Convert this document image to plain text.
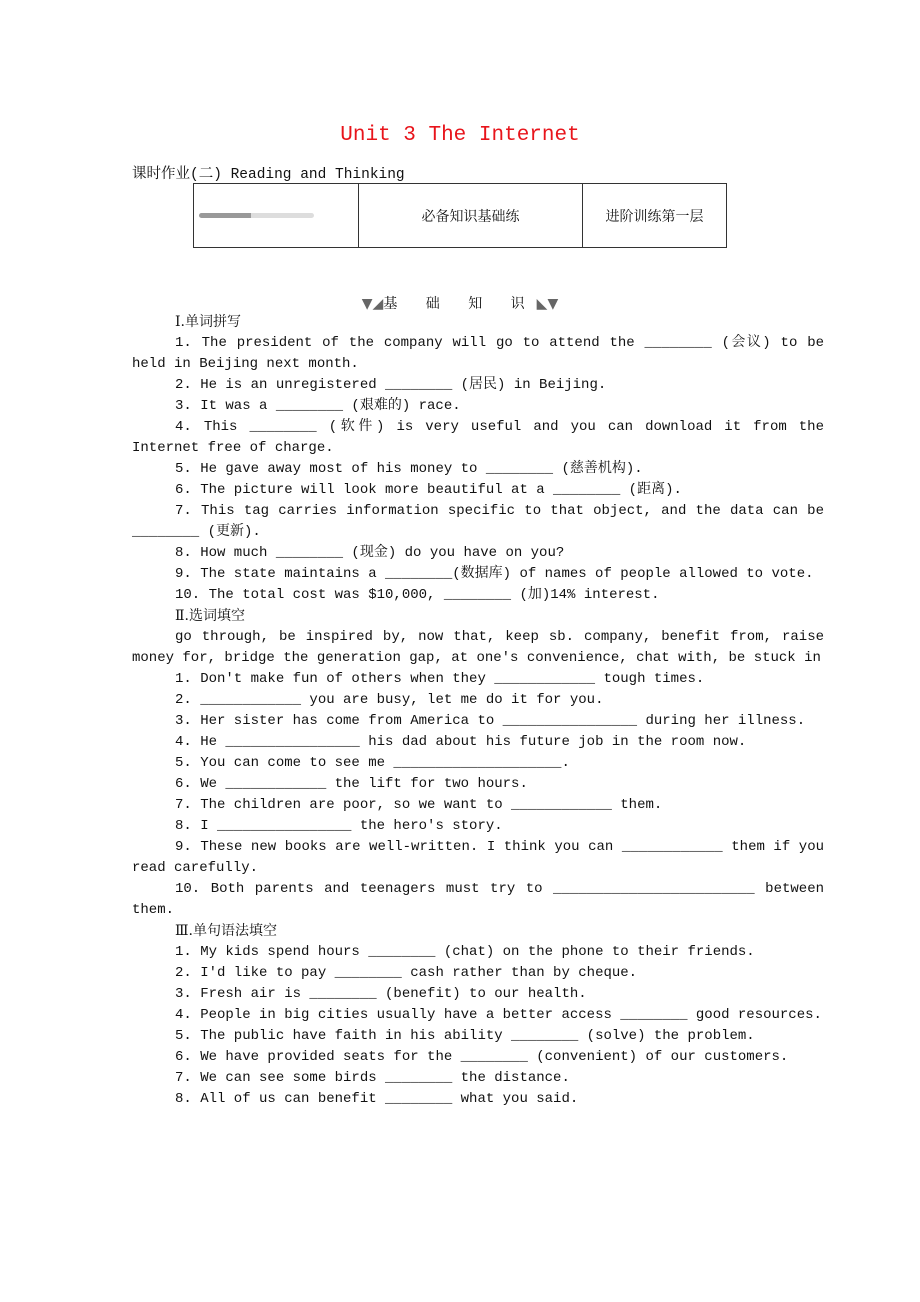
Unit 3 The Internet
课时作业(二) Reading and Thinking
必备知识基础练	进阶训练第一层
▼◢基 础 知 识◣▼
Ⅰ.单词拼写
1. The president of the company will go to attend the ________ (会议) to be held in Beijing next month.
2. He is an unregistered ________ (居民) in Beijing.
3. It was a ________ (艰难的) race.
4. This ________ (软件) is very useful and you can download it from the Internet free of charge.
5. He gave away most of his money to ________ (慈善机构).
6. The picture will look more beautiful at a ________ (距离).
7. This tag carries information specific to that object, and the data can be ________ (更新).
8. How much ________ (现金) do you have on you?
9. The state maintains a ________(数据库) of names of people allowed to vote.
10. The total cost was $10,000, ________ (加)14% interest.
Ⅱ.选词填空
go through, be inspired by, now that, keep sb. company, benefit from, raise money for, bridge the generation gap, at one's convenience, chat with, be stuck in
1. Don't make fun of others when they ____________ tough times.
2. ____________ you are busy, let me do it for you.
3. Her sister has come from America to ________________ during her illness.
4. He ________________ his dad about his future job in the room now.
5. You can come to see me ____________________.
6. We ____________ the lift for two hours.
7. The children are poor, so we want to ____________ them.
8. I ________________ the hero's story.
9. These new books are well-written. I think you can ____________ them if you read carefully.
10. Both parents and teenagers must try to ________________________ between them.
Ⅲ.单句语法填空
1. My kids spend hours ________ (chat) on the phone to their friends.
2. I'd like to pay ________ cash rather than by cheque.
3. Fresh air is ________ (benefit) to our health.
4. People in big cities usually have a better access ________ good resources.
5. The public have faith in his ability ________ (solve) the problem.
6. We have provided seats for the ________ (convenient) of our customers.
7. We can see some birds ________ the distance.
8. All of us can benefit ________ what you said.
